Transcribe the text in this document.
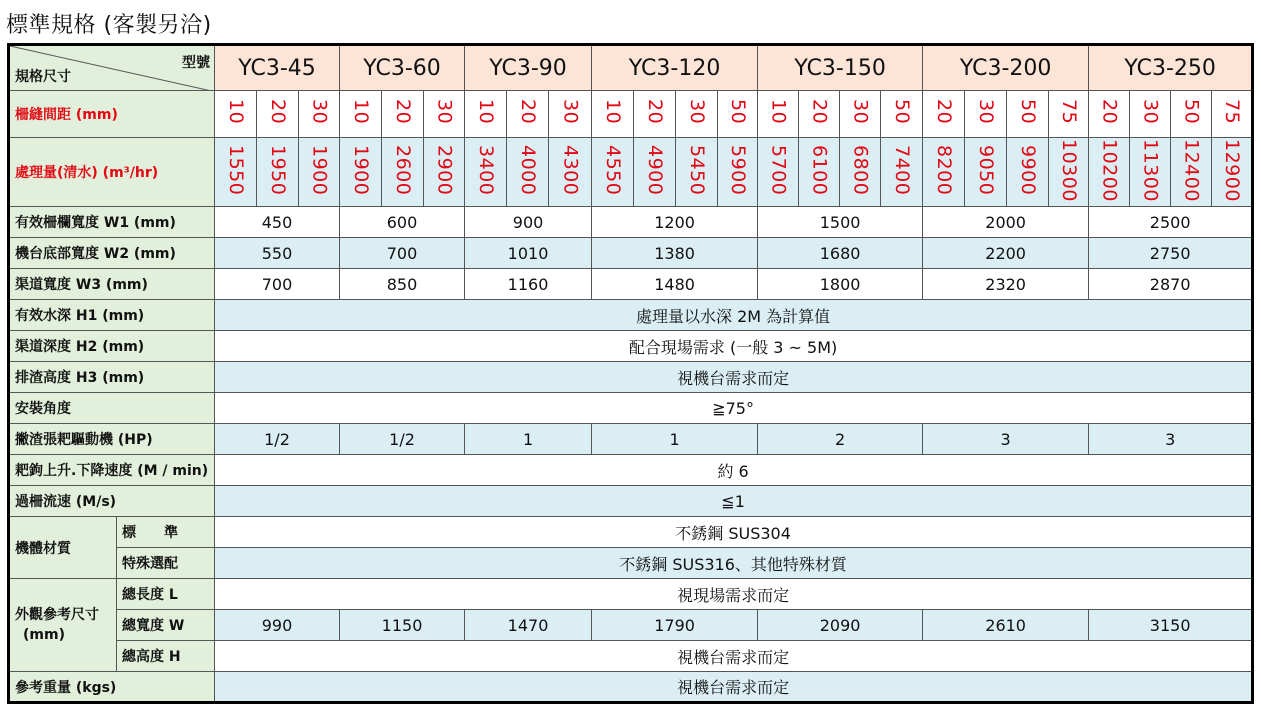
標準規格 (客製另洽)
型號
規格尺寸		YC3-45			YC3-60			YC3-90			YC3-120				YC3-150				YC3-200				YC3-250			
柵縫間距 (mm)		10	20	30	10	20	30	10	20	30	10	20	30	50	10	20	30	50	20	30	50	75	20	30	50	75
處理量(清水) (m³/hr)		1550	1950	1900	1900	2600	2900	3400	4000	4300	4550	4900	5450	5900	5700	6100	6800	7400	8200	9050	9900	10300	10200	11300	12400	12900
有效柵欄寬度 W1 (mm)		450			600			900			1200				1500				2000				2500			
機台底部寬度 W2 (mm)		550			700			1010			1380				1680				2200				2750			
渠道寬度 W3 (mm)		700			850			1160			1480				1800				2320				2870			
有效水深 H1 (mm)		處理量以水深 2M 為計算值																								
渠道深度 H2 (mm)		配合現場需求 (一般 3 ~ 5M)																								
排渣高度 H3 (mm)		視機台需求而定																								
安裝角度		≧75°																								
撇渣張耙驅動機 (HP)		1/2			1/2			1			1				2				3				3			
耙鉤上升.下降速度 (M / min)		約 6																								
過柵流速 (M/s)		≦1																								
機體材質	標　　準	不銹鋼 SUS304																								
	特殊選配	不銹鋼 SUS316、其他特殊材質																								

外觀參考尺寸
(mm)	總長度 L	視現場需求而定																								
	總寬度 W	990			1150			1470			1790				2090				2610				3150			
	總高度 H	視機台需求而定																								
參考重量 (kgs)		視機台需求而定																								
